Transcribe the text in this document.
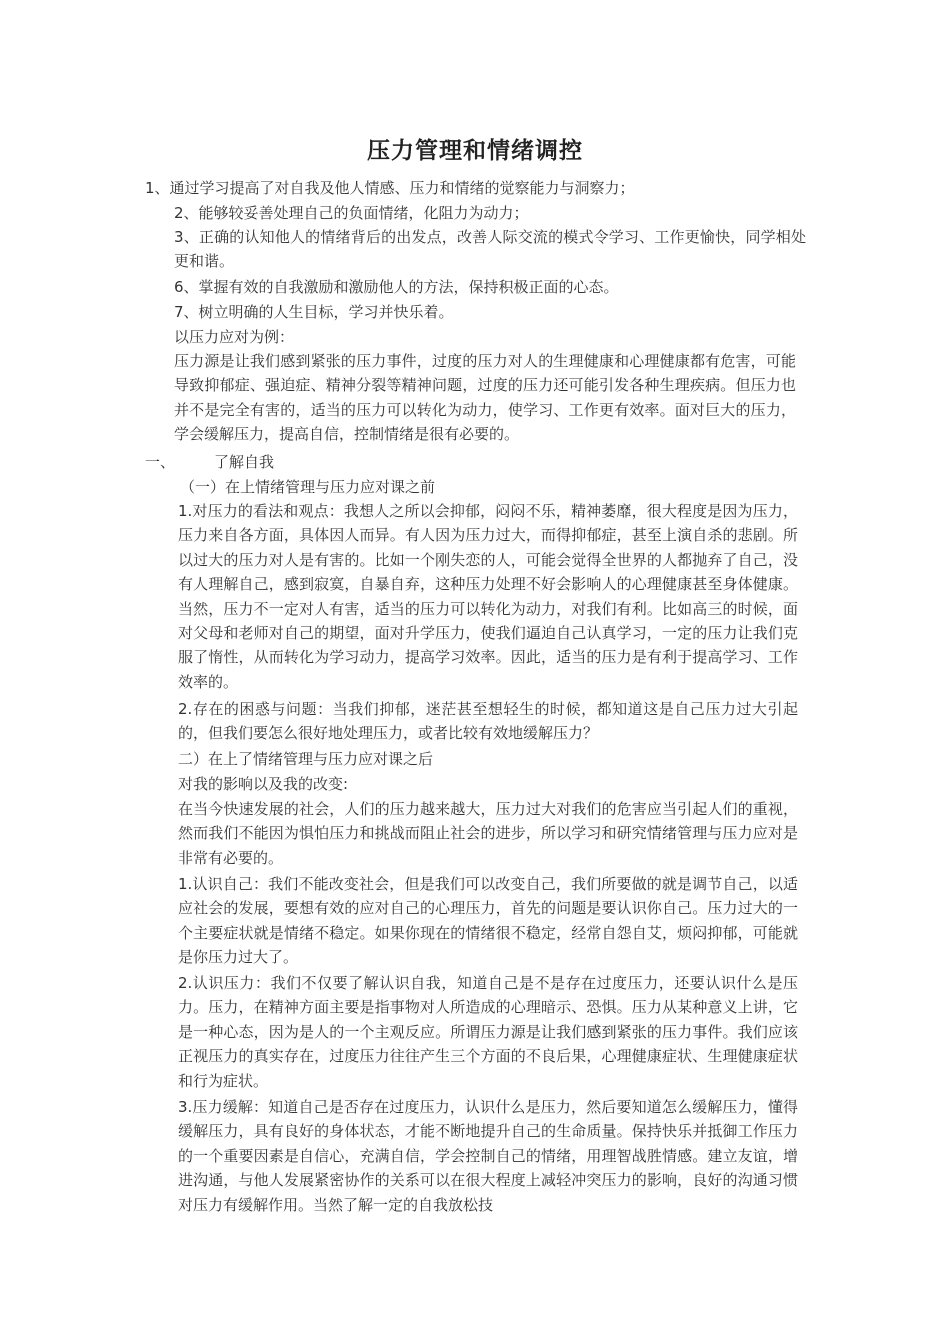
压力管理和情绪调控
1、通过学习提高了对自我及他人情感、压力和情绪的觉察能力与洞察力；
2、能够较妥善处理自己的负面情绪，化阻力为动力；
3、正确的认知他人的情绪背后的出发点，改善人际交流的模式令学习、工作更愉快，同学相处更和谐。
6、掌握有效的自我激励和激励他人的方法，保持积极正面的心态。
7、树立明确的人生目标，学习并快乐着。
以压力应对为例：
压力源是让我们感到紧张的压力事件，过度的压力对人的生理健康和心理健康都有危害，可能导致抑郁症、强迫症、精神分裂等精神问题，过度的压力还可能引发各种生理疾病。但压力也并不是完全有害的，适当的压力可以转化为动力，使学习、工作更有效率。面对巨大的压力，学会缓解压力，提高自信，控制情绪是很有必要的。
一、	了解自我
（一）在上情绪管理与压力应对课之前
1.对压力的看法和观点：我想人之所以会抑郁，闷闷不乐，精神萎靡，很大程度是因为压力，压力来自各方面，具体因人而异。有人因为压力过大，而得抑郁症，甚至上演自杀的悲剧。所以过大的压力对人是有害的。比如一个刚失恋的人，可能会觉得全世界的人都抛弃了自己，没有人理解自己，感到寂寞，自暴自弃，这种压力处理不好会影响人的心理健康甚至身体健康。当然，压力不一定对人有害，适当的压力可以转化为动力，对我们有利。比如高三的时候，面对父母和老师对自己的期望，面对升学压力，使我们逼迫自己认真学习，一定的压力让我们克服了惰性，从而转化为学习动力，提高学习效率。因此，适当的压力是有利于提高学习、工作效率的。
2.存在的困惑与问题：当我们抑郁，迷茫甚至想轻生的时候，都知道这是自己压力过大引起的，但我们要怎么很好地处理压力，或者比较有效地缓解压力？
二）在上了情绪管理与压力应对课之后
对我的影响以及我的改变:
在当今快速发展的社会，人们的压力越来越大，压力过大对我们的危害应当引起人们的重视，然而我们不能因为惧怕压力和挑战而阻止社会的进步，所以学习和研究情绪管理与压力应对是非常有必要的。
1.认识自己：我们不能改变社会，但是我们可以改变自己，我们所要做的就是调节自己，以适应社会的发展，要想有效的应对自己的心理压力，首先的问题是要认识你自己。压力过大的一个主要症状就是情绪不稳定。如果你现在的情绪很不稳定，经常自怨自艾，烦闷抑郁，可能就是你压力过大了。
2.认识压力：我们不仅要了解认识自我，知道自己是不是存在过度压力，还要认识什么是压力。压力，在精神方面主要是指事物对人所造成的心理暗示、恐惧。压力从某种意义上讲，它是一种心态，因为是人的一个主观反应。所谓压力源是让我们感到紧张的压力事件。我们应该正视压力的真实存在，过度压力往往产生三个方面的不良后果，心理健康症状、生理健康症状和行为症状。
3.压力缓解：知道自己是否存在过度压力，认识什么是压力，然后要知道怎么缓解压力，懂得缓解压力，具有良好的身体状态，才能不断地提升自己的生命质量。保持快乐并抵御工作压力的一个重要因素是自信心，充满自信，学会控制自己的情绪，用理智战胜情感。建立友谊，增进沟通，与他人发展紧密协作的关系可以在很大程度上减轻冲突压力的影响，良好的沟通习惯对压力有缓解作用。当然了解一定的自我放松技
